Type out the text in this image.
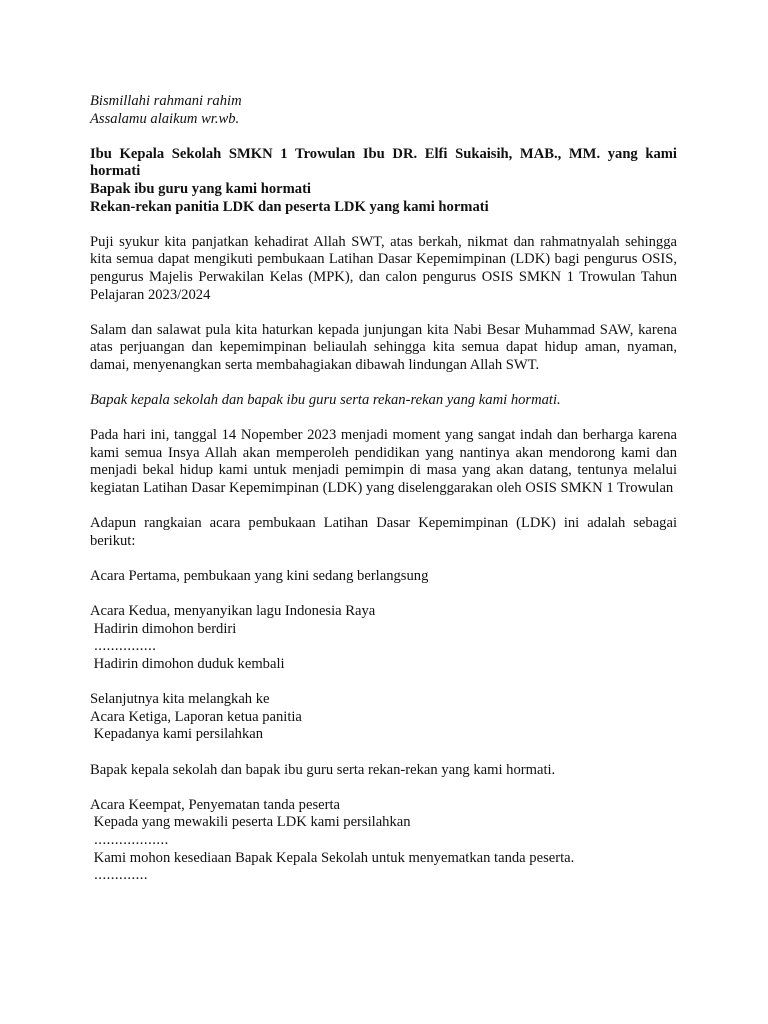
Bismillahi rahmani rahim

Assalamu alaikum wr.wb.

Ibu Kepala Sekolah SMKN 1 Trowulan Ibu DR. Elfi Sukaisih, MAB., MM. yang kami

hormati

Bapak ibu guru yang kami hormati

Rekan-rekan panitia LDK dan peserta LDK yang kami hormati

Puji syukur kita panjatkan kehadirat Allah SWT, atas berkah, nikmat dan rahmatnyalah sehingga kita semua dapat mengikuti pembukaan Latihan Dasar Kepemimpinan (LDK) bagi pengurus OSIS, pengurus Majelis Perwakilan Kelas (MPK), dan calon pengurus OSIS SMKN 1 Trowulan Tahun Pelajaran 2023/2024

Salam dan salawat pula kita haturkan kepada junjungan kita Nabi Besar Muhammad SAW, karena atas perjuangan dan kepemimpinan beliaulah sehingga kita semua dapat hidup aman, nyaman, damai, menyenangkan serta membahagiakan dibawah lindungan Allah SWT.

Bapak kepala sekolah dan bapak ibu guru serta rekan-rekan yang kami hormati.

Pada hari ini, tanggal 14 Nopember 2023 menjadi moment yang sangat indah dan berharga karena kami semua Insya Allah akan memperoleh pendidikan yang nantinya akan mendorong kami dan menjadi bekal hidup kami untuk menjadi pemimpin di masa yang akan datang, tentunya melalui kegiatan Latihan Dasar Kepemimpinan (LDK) yang diselenggarakan oleh OSIS SMKN 1 Trowulan

Adapun rangkaian acara pembukaan Latihan Dasar Kepemimpinan (LDK) ini adalah sebagai berikut:

Acara Pertama, pembukaan yang kini sedang berlangsung

Acara Kedua, menyanyikan lagu Indonesia Raya

Hadirin dimohon berdiri

...............

Hadirin dimohon duduk kembali

Selanjutnya kita melangkah ke

Acara Ketiga, Laporan ketua panitia

Kepadanya kami persilahkan

Bapak kepala sekolah dan bapak ibu guru serta rekan-rekan yang kami hormati.

Acara Keempat, Penyematan tanda peserta

Kepada yang mewakili peserta LDK kami persilahkan

..................

Kami mohon kesediaan Bapak Kepala Sekolah untuk menyematkan tanda peserta.

.............
